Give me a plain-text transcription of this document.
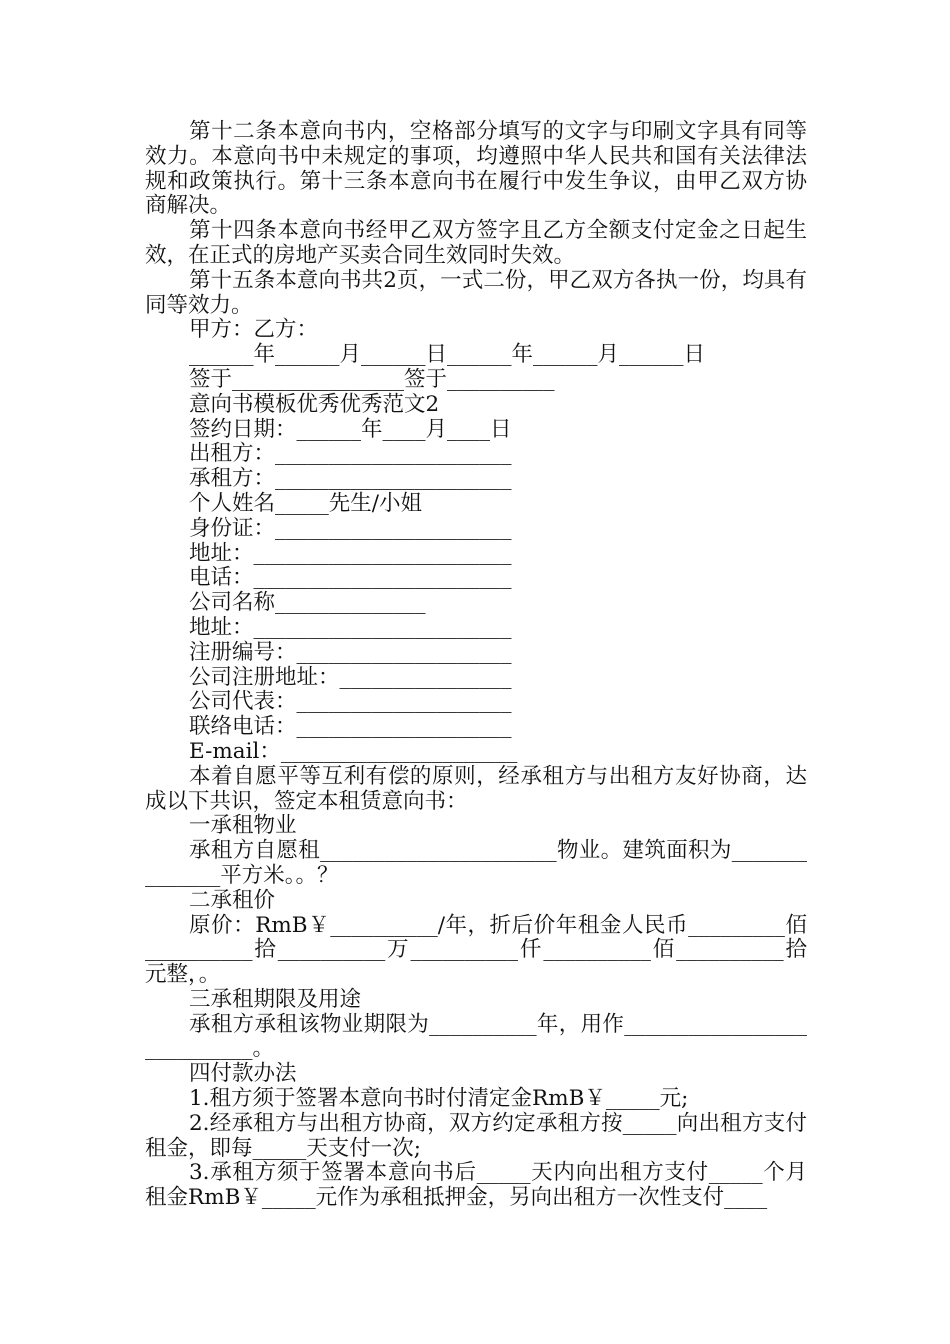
第十二条本意向书内，空格部分填写的文字与印刷文字具有同等效力。本意向书中未规定的事项，均遵照中华人民共和国有关法律法规和政策执行。第十三条本意向书在履行中发生争议，由甲乙双方协商解决。

第十四条本意向书经甲乙双方签字且乙方全额支付定金之日起生效，在正式的房地产买卖合同生效同时失效。

第十五条本意向书共2页，一式二份，甲乙双方各执一份，均具有同等效力。

甲方：乙方：

______年______月______日______年______月______日

签于________________签于__________

意向书模板优秀优秀范文2

签约日期：______年____月____日

出租方：______________________

承租方：______________________

个人姓名_____先生/小姐

身份证：______________________

地址：________________________

电话：________________________

公司名称______________

地址：________________________

注册编号：____________________

公司注册地址：________________

公司代表：____________________

联络电话：____________________

E-mail：______________________

本着自愿平等互利有偿的原则，经承租方与出租方友好协商，达成以下共识，签定本租赁意向书：

一承租物业

承租方自愿租______________________物业。建筑面积为______________平方米。。？

二承租价

原价：RmB￥__________/年，折后价年租金人民币_________佰__________拾__________万__________仟__________佰__________拾元整，。

三承租期限及用途

承租方承租该物业期限为__________年，用作___________________________。

四付款办法

1.租方须于签署本意向书时付清定金RmB￥_____元;

2.经承租方与出租方协商，双方约定承租方按_____向出租方支付租金，即每_____天支付一次;

3.承租方须于签署本意向书后_____天内向出租方支付_____个月租金RmB￥_____元作为承租抵押金，另向出租方一次性支付____
